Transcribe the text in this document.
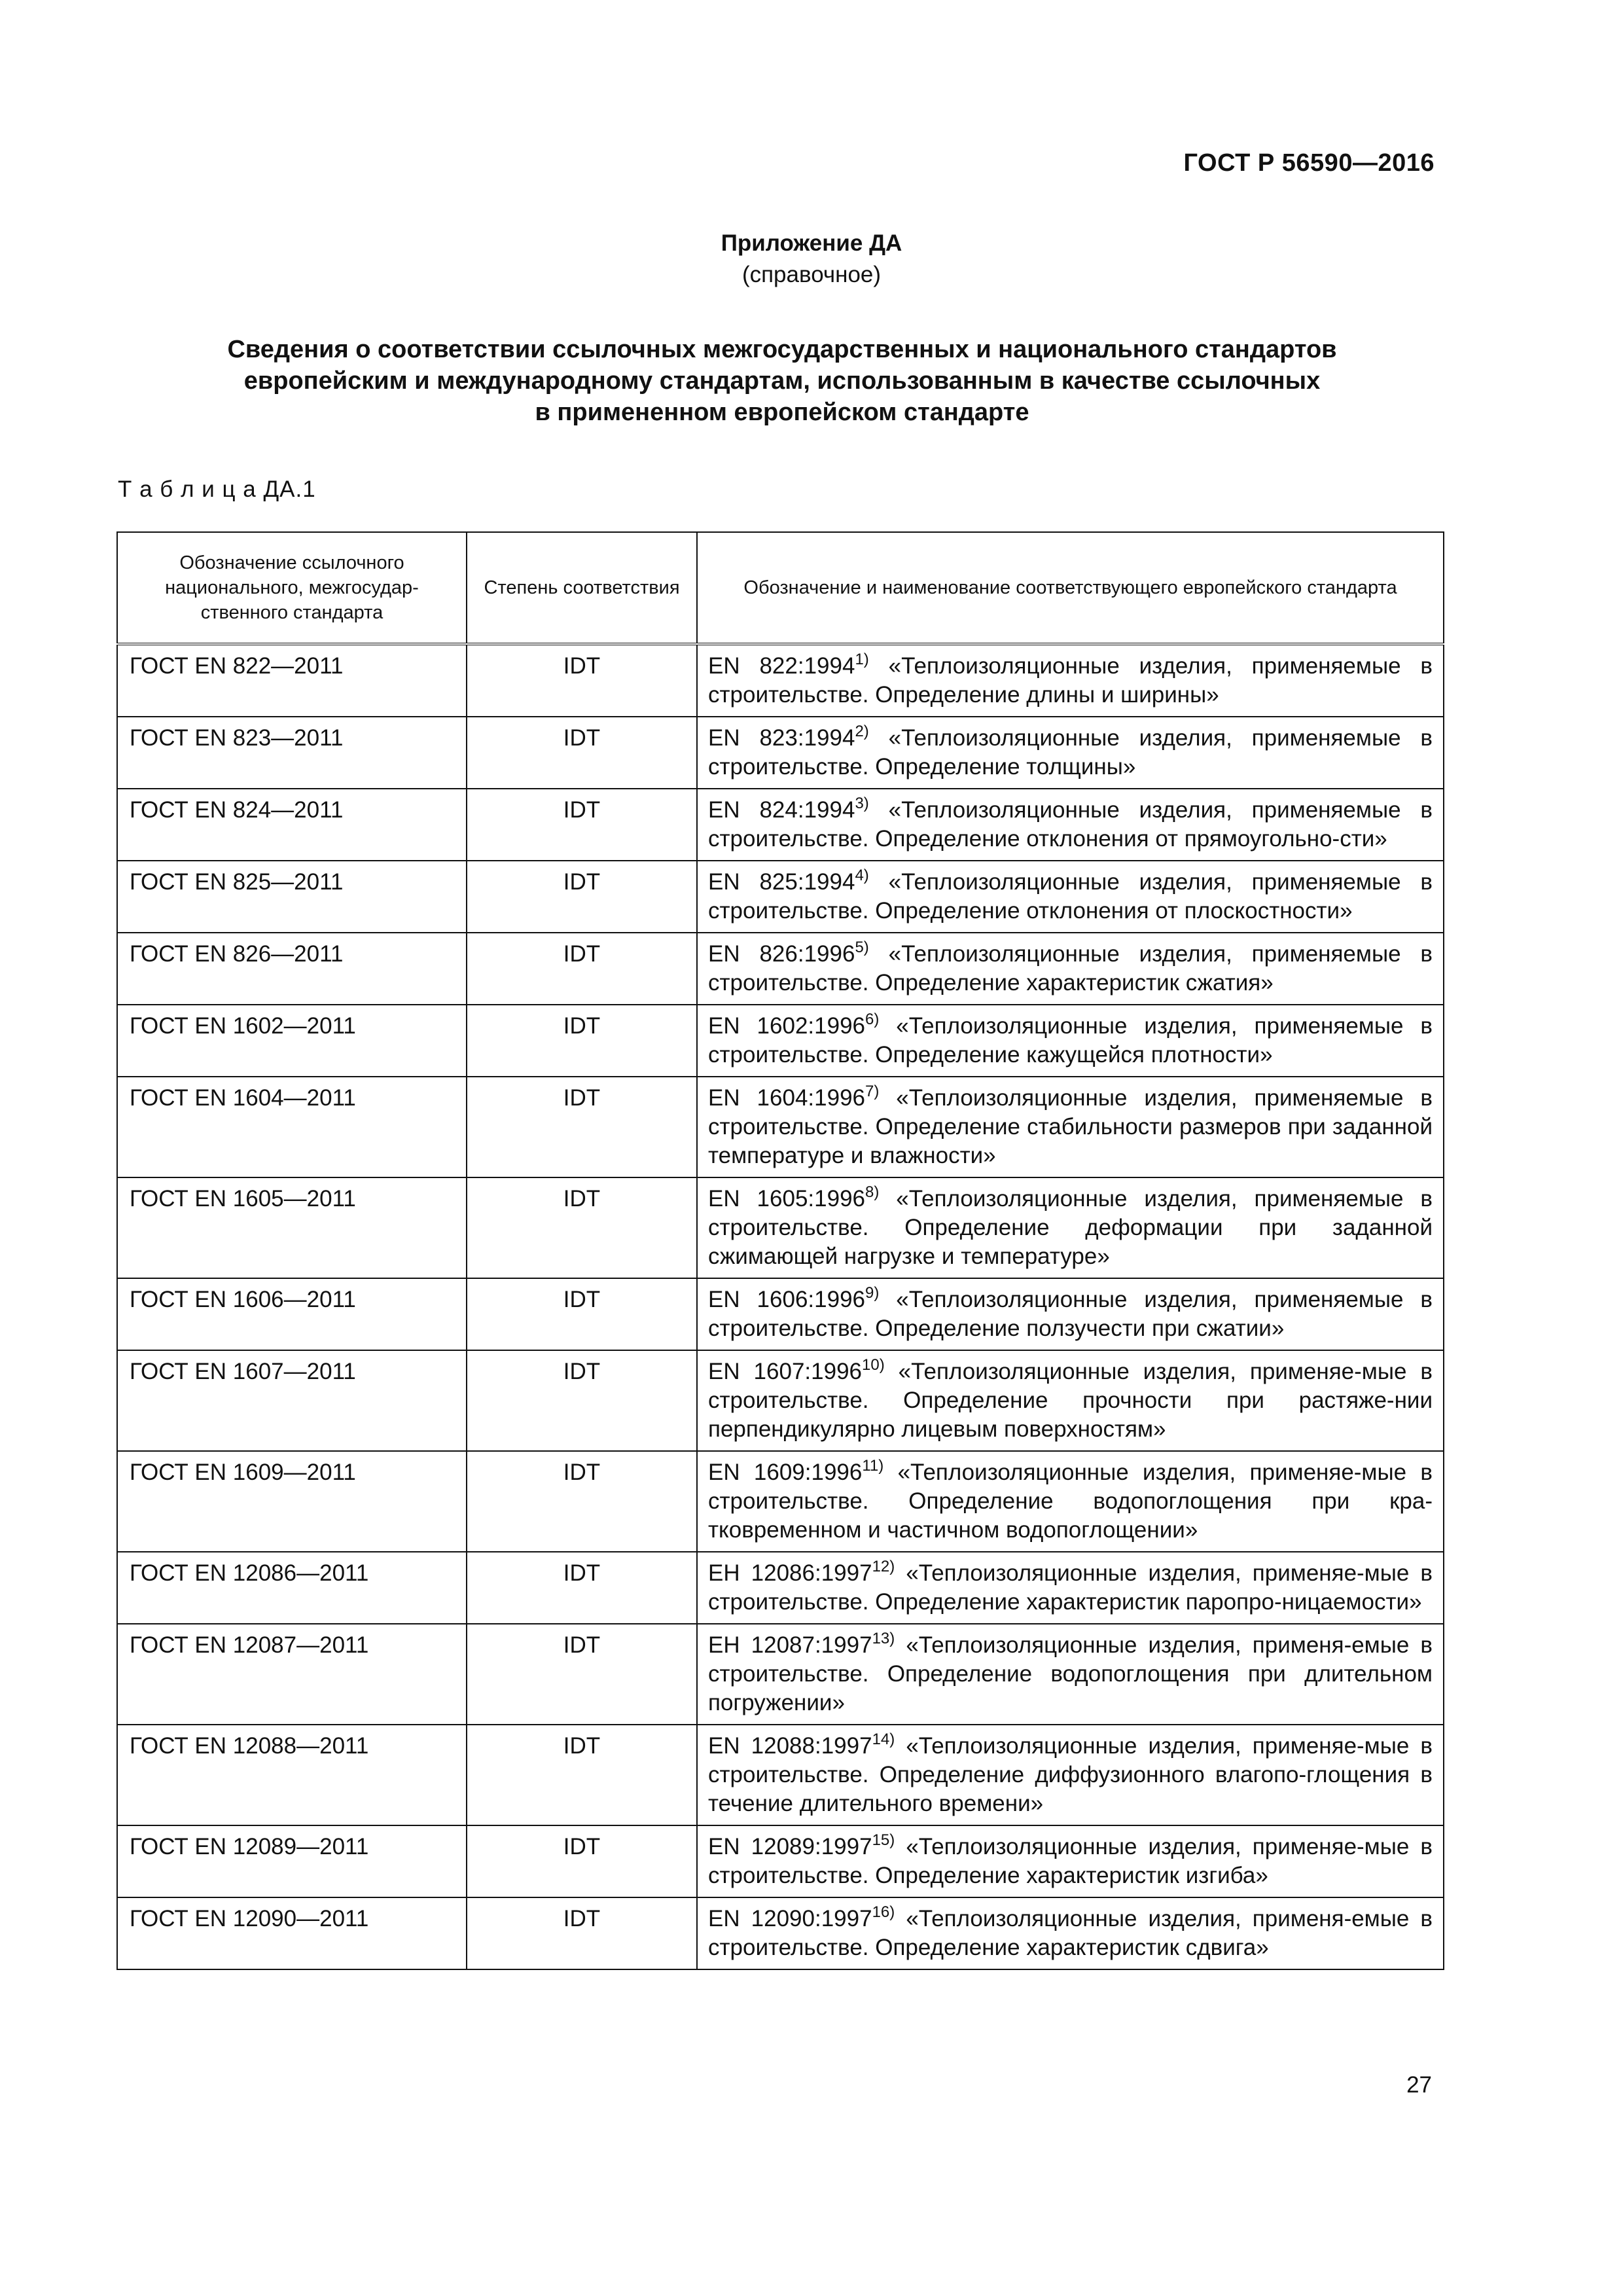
ГОСТ Р 56590—2016
Приложение ДА
(справочное)
Сведения о соответствии ссылочных межгосударственных и национального стандартов
европейским и международному стандартам, использованным в качестве ссылочных
в примененном европейском стандарте
Т а б л и ц а ДА.1
Обозначение ссылочного национального, межгосудар-ственного стандарта	Степень соответствия	Обозначение и наименование соответствующего европейского стандарта
ГОСТ EN 822—2011	IDT	EN 822:1994$^{1)}$ «Теплоизоляционные изделия, применяемые в строительстве. Определение длины и ширины»
ГОСТ EN 823—2011	IDT	EN 823:1994$^{2)}$ «Теплоизоляционные изделия, применяемые в строительстве. Определение толщины»
ГОСТ EN 824—2011	IDT	EN 824:1994$^{3)}$ «Теплоизоляционные изделия, применяемые в строительстве. Определение отклонения от прямоугольно-сти»
ГОСТ EN 825—2011	IDT	EN 825:1994$^{4)}$ «Теплоизоляционные изделия, применяемые в строительстве. Определение отклонения от плоскостности»
ГОСТ EN 826—2011	IDT	EN 826:1996$^{5)}$ «Теплоизоляционные изделия, применяемые в строительстве. Определение характеристик сжатия»
ГОСТ EN 1602—2011	IDT	EN 1602:1996$^{6)}$ «Теплоизоляционные изделия, применяемые в строительстве. Определение кажущейся плотности»
ГОСТ EN 1604—2011	IDT	EN 1604:1996$^{7)}$ «Теплоизоляционные изделия, применяемые в строительстве. Определение стабильности размеров при заданной температуре и влажности»
ГОСТ EN 1605—2011	IDT	EN 1605:1996$^{8)}$ «Теплоизоляционные изделия, применяемые в строительстве. Определение деформации при заданной сжимающей нагрузке и температуре»
ГОСТ EN 1606—2011	IDT	EN 1606:1996$^{9)}$ «Теплоизоляционные изделия, применяемые в строительстве. Определение ползучести при сжатии»
ГОСТ EN 1607—2011	IDT	EN 1607:1996$^{10)}$ «Теплоизоляционные изделия, применяе-мые в строительстве. Определение прочности при растяже-нии перпендикулярно лицевым поверхностям»
ГОСТ EN 1609—2011	IDT	EN 1609:1996$^{11)}$ «Теплоизоляционные изделия, применяе-мые в строительстве. Определение водопоглощения при кра-тковременном и частичном водопоглощении»
ГОСТ EN 12086—2011	IDT	ЕН 12086:1997$^{12)}$ «Теплоизоляционные изделия, применяе-мые в строительстве. Определение характеристик паропро-ницаемости»
ГОСТ EN 12087—2011	IDT	ЕН 12087:1997$^{13)}$ «Теплоизоляционные изделия, применя-емые в строительстве. Определение водопоглощения при длительном погружении»
ГОСТ EN 12088—2011	IDT	EN 12088:1997$^{14)}$ «Теплоизоляционные изделия, применяе-мые в строительстве. Определение диффузионного влагопо-глощения в течение длительного времени»
ГОСТ EN 12089—2011	IDT	EN 12089:1997$^{15)}$ «Теплоизоляционные изделия, применяе-мые в строительстве. Определение характеристик изгиба»
ГОСТ EN 12090—2011	IDT	EN 12090:1997$^{16)}$ «Теплоизоляционные изделия, применя-емые в строительстве. Определение характеристик сдвига»
27
